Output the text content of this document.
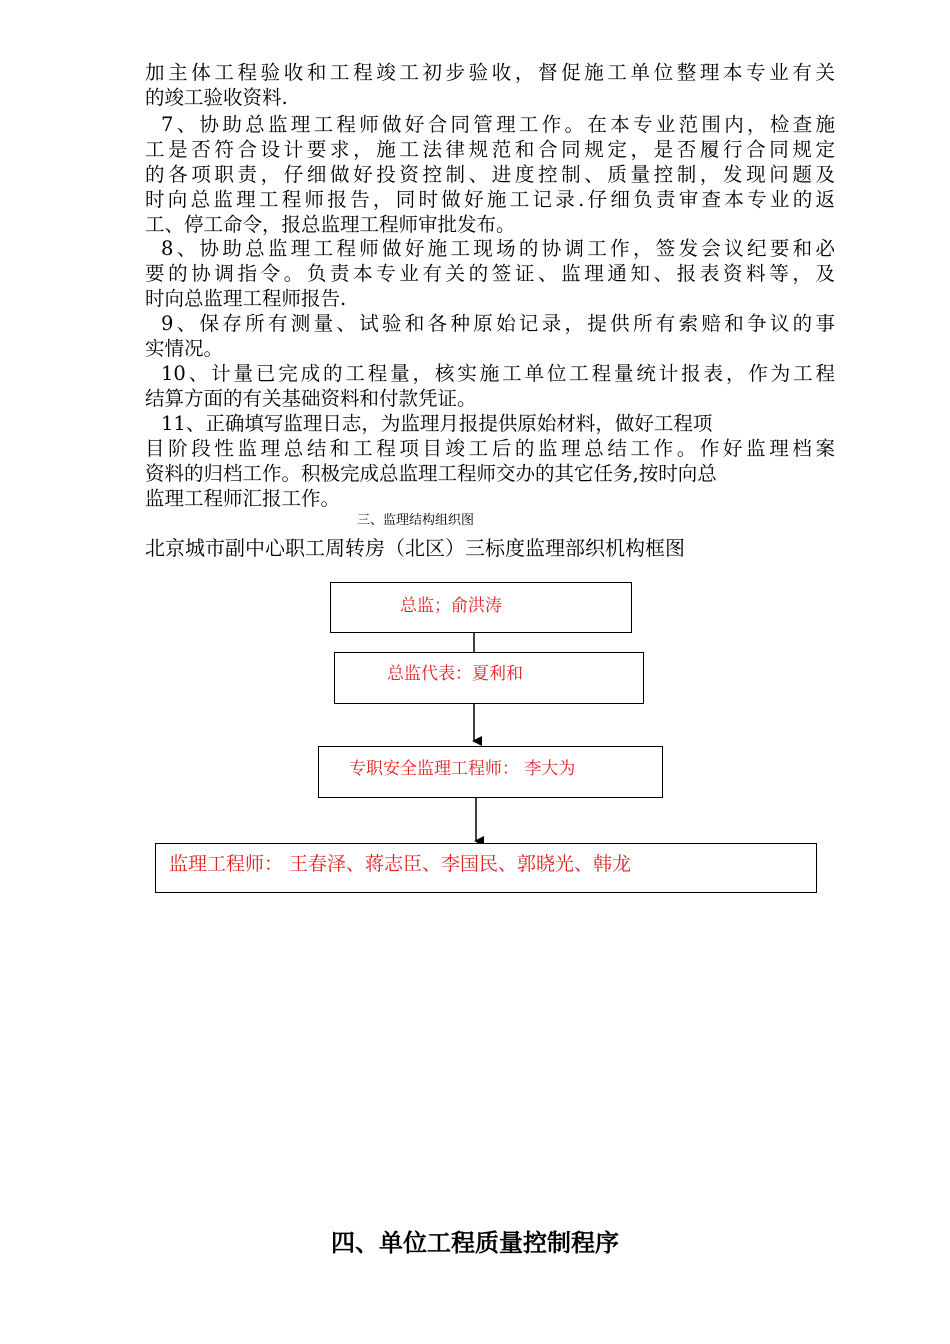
加主体工程验收和工程竣工初步验收，督促施工单位整理本专业有关
的竣工验收资料.
7、协助总监理工程师做好合同管理工作。在本专业范围内，检查施
工是否符合设计要求，施工法律规范和合同规定，是否履行合同规定
的各项职责，仔细做好投资控制、进度控制、质量控制，发现问题及
时向总监理工程师报告，同时做好施工记录.仔细负责审查本专业的返
工、停工命令，报总监理工程师审批发布。
8、协助总监理工程师做好施工现场的协调工作，签发会议纪要和必
要的协调指令。负责本专业有关的签证、监理通知、报表资料等，及
时向总监理工程师报告.
9、保存所有测量、试验和各种原始记录，提供所有索赔和争议的事
实情况。
10、计量已完成的工程量，核实施工单位工程量统计报表，作为工程
结算方面的有关基础资料和付款凭证。
11、正确填写监理日志，为监理月报提供原始材料，做好工程项
目阶段性监理总结和工程项目竣工后的监理总结工作。作好监理档案
资料的归档工作。积极完成总监理工程师交办的其它任务,按时向总
监理工程师汇报工作。
三、监理结构组织图
北京城市副中心职工周转房（北区）三标度监理部织机构框图
总监；俞洪涛
总监代表：夏利和
专职安全监理工程师： 李大为
监理工程师： 王春泽、蒋志臣、李国民、郭晓光、韩龙
四、单位工程质量控制程序
